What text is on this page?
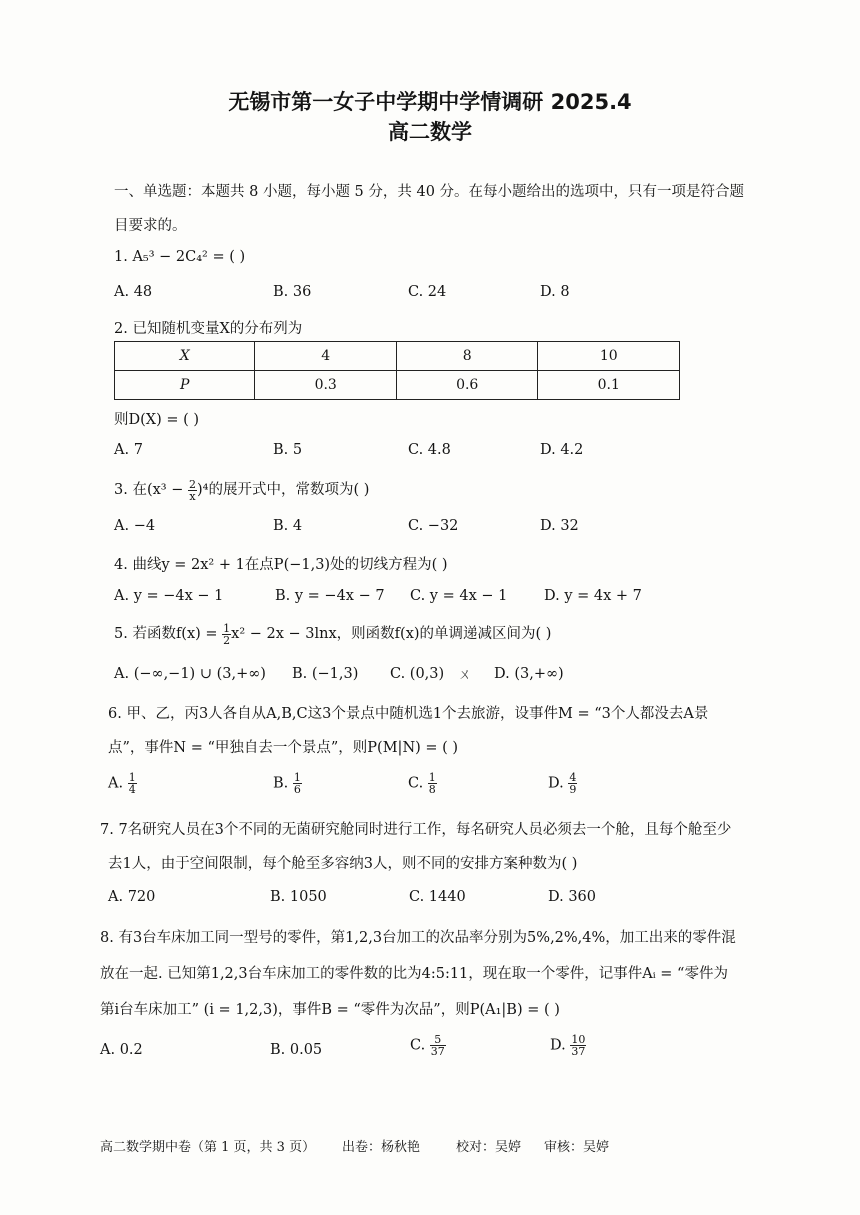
无锡市第一女子中学期中学情调研 2025.4
高二数学
一、单选题：本题共 8 小题，每小题 5 分，共 40 分。在每小题给出的选项中，只有一项是符合题
目要求的。
1. A₅³ − 2C₄² = ( )
A. 48	B. 36	C. 24	D. 8
2. 已知随机变量X的分布列为
X	4	8	10
P	0.3	0.6	0.1
则D(X) = ( )
A. 7	B. 5	C. 4.8	D. 4.2
3. 在$(x^3 - \frac{2}{x} )^4$的展开式中，常数项为( )
A. −4	B. 4	C. −32	D. 32
4. 曲线y = 2x² + 1在点P(−1,3)处的切线方程为( )
A. y = −4x − 1	B. y = −4x − 7 C. y = 4x − 1	D. y = 4x + 7
5. 若函数$f(x) = \frac{1}{2} x^2 - 2x - 3\ln x$，则函数f(x)的单调递减区间为( )
A. (−∞,−1) ∪ (3,+∞) B. (−1,3) C. (0,3) ㄨ D. (3,+∞)
6. 甲、乙，丙3人各自从A,B,C这3个景点中随机选1个去旅游，设事件M = “3个人都没去A景
点”，事件N = “甲独自去一个景点”，则P(M|N) = ( )
A. $\frac{1}{4}$	B. $\frac{1}{6}$	C. $\frac{1}{8}$	D. $\frac{4}{9}$
7. 7名研究人员在3个不同的无菌研究舱同时进行工作，每名研究人员必须去一个舱，且每个舱至少
去1人，由于空间限制，每个舱至多容纳3人，则不同的安排方案种数为( )
A. 720	B. 1050	C. 1440	D. 360
8. 有3台车床加工同一型号的零件，第1,2,3台加工的次品率分别为5%,2%,4%，加工出来的零件混
放在一起. 已知第1,2,3台车床加工的零件数的比为4:5:11，现在取一个零件，记事件Aᵢ = “零件为
第i台车床加工” (i = 1,2,3)，事件B = “零件为次品”，则P(A₁|B) = ( )
A. 0.2	B. 0.05	C. $\frac{5}{37}$	D. $\frac{10}{37}$
高二数学期中卷（第 1 页，共 3 页） 出卷：杨秋艳	校对：吴婷 审核：吴婷
